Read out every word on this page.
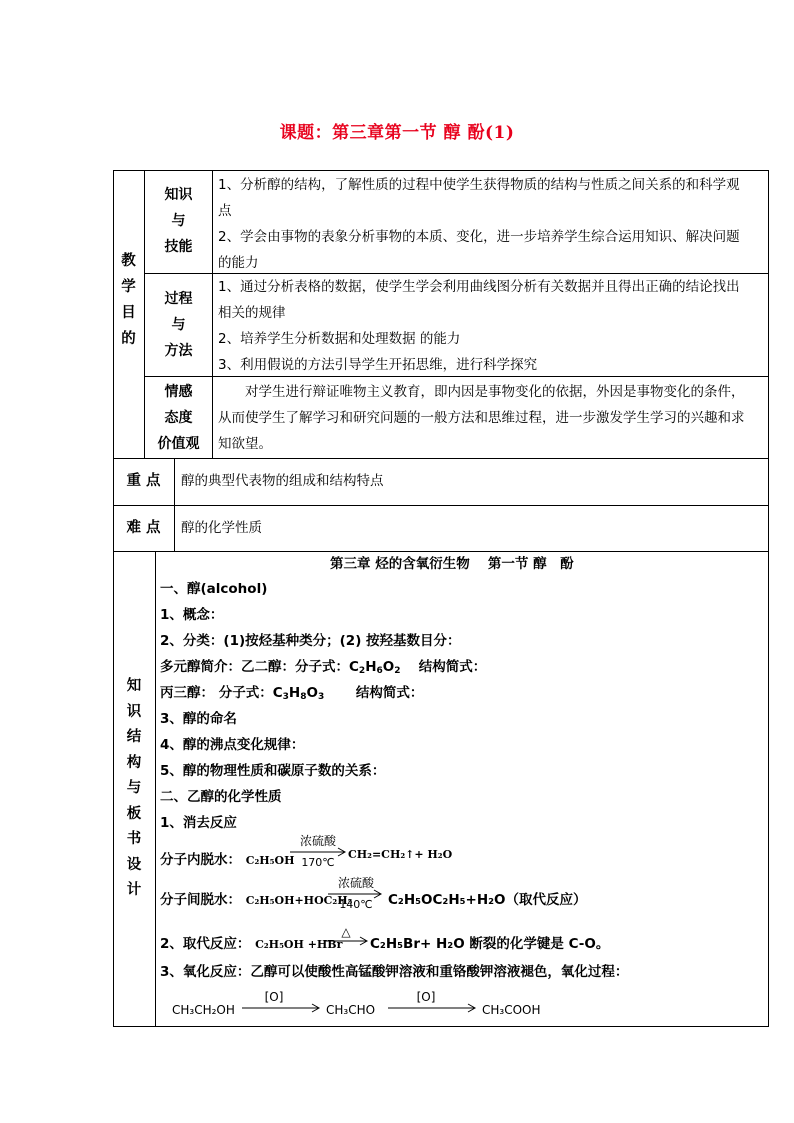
课题：第三章第一节 醇 酚(1)
教
学
目
的
知识
与
技能
1、分析醇的结构，了解性质的过程中使学生获得物质的结构与性质之间关系的和科学观
点
2、学会由事物的表象分析事物的本质、变化，进一步培养学生综合运用知识、解决问题
的能力
过程
与
方法
1、通过分析表格的数据，使学生学会利用曲线图分析有关数据并且得出正确的结论找出
相关的规律
2、培养学生分析数据和处理数据 的能力
3、利用假说的方法引导学生开拓思维，进行科学探究
情感
态度
价值观
对学生进行辩证唯物主义教育，即内因是事物变化的依据，外因是事物变化的条件，
从而使学生了解学习和研究问题的一般方法和思维过程，进一步激发学生学习的兴趣和求
知欲望。
重 点	醇的典型代表物的组成和结构特点
难 点	醇的化学性质
知
识
结
构
与
板
书
设
计
第三章 烃的含氧衍生物　 第一节 醇　酚
一、醇(alcohol)
1、概念：
2、分类：(1)按烃基种类分；(2) 按羟基数目分：
多元醇简介：乙二醇：分子式：C2H6O2　 结构简式：
丙三醇： 分子式：C3H8O3　　 结构简式：
3、醇的命名
4、醇的沸点变化规律：
5、醇的物理性质和碳原子数的关系：
二、乙醇的化学性质
1、消去反应
分子内脱水： C₂H₅OH
浓硫酸
170℃
CH₂=CH₂↑+ H₂O
分子间脱水： C₂H₅OH+HOC₂H₅
浓硫酸
140℃ C₂H₅OC₂H₅+H₂O（取代反应）
2、取代反应： C₂H₅OH +HBr
△
C₂H₅Br+ H₂O 断裂的化学键是 C-O。
3、氧化反应：乙醇可以使酸性高锰酸钾溶液和重铬酸钾溶液褪色，氧化过程：
CH₃CH₂OH
[O]
CH₃CHO
[O]
CH₃COOH
